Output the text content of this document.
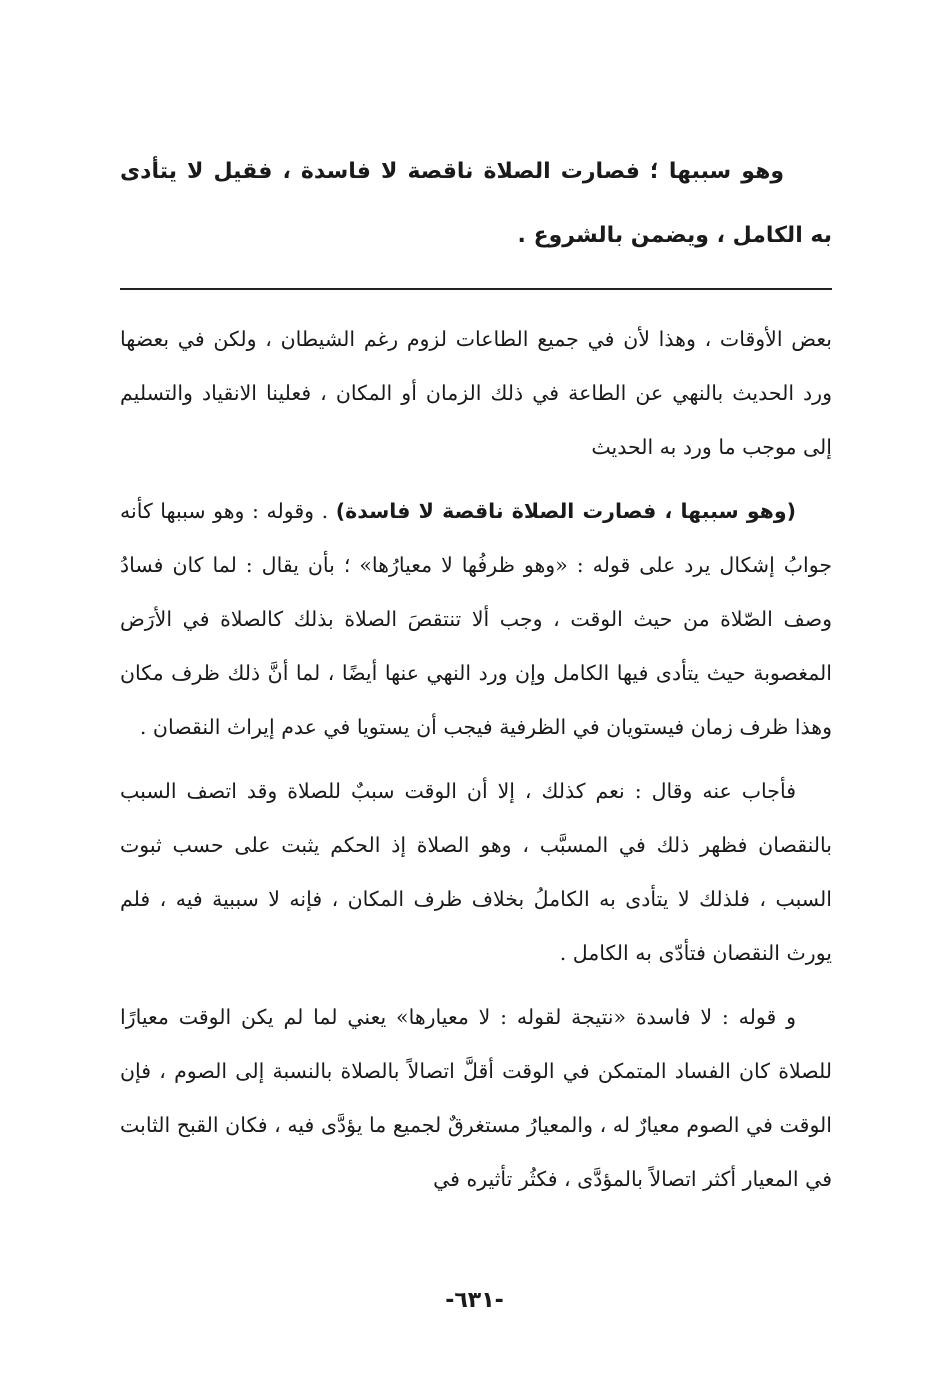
وهو سببها ؛ فصارت الصلاة ناقصة لا فاسدة ، فقيل لا يتأدى به الكامل ، ويضمن بالشروع .

بعض الأوقات ، وهذا لأن في جميع الطاعات لزوم رغم الشيطان ، ولكن في بعضها ورد الحديث بالنهي عن الطاعة في ذلك الزمان أو المكان ، فعلينا الانقياد والتسليم إلى موجب ما ورد به الحديث

(وهو سببها ، فصارت الصلاة ناقصة لا فاسدة) . وقوله : وهو سببها كأنه جوابُ إشكال يرد على قوله : «وهو ظرفُها لا معيارُها» ؛ بأن يقال : لما كان فسادُ وصف الصّلاة من حيث الوقت ، وجب ألا تنتقصَ الصلاة بذلك كالصلاة في الأرَض المغصوبة حيث يتأدى فيها الكامل وإن ورد النهي عنها أيضًا ، لما أنَّ ذلك ظرف مكان وهذا ظرف زمان فيستويان في الظرفية فيجب أن يستويا في عدم إيراث النقصان .

فأجاب عنه وقال : نعم كذلك ، إلا أن الوقت سببٌ للصلاة وقد اتصف السبب بالنقصان فظهر ذلك في المسبَّب ، وهو الصلاة إذ الحكم يثبت على حسب ثبوت السبب ، فلذلك لا يتأدى به الكاملُ بخلاف ظرف المكان ، فإنه لا سببية فيه ، فلم يورث النقصان فتأدّى به الكامل .

و قوله : لا فاسدة «نتيجة لقوله : لا معيارها» يعني لما لم يكن الوقت معيارًا للصلاة كان الفساد المتمكن في الوقت أقلَّ اتصالاً بالصلاة بالنسبة إلى الصوم ، فإن الوقت في الصوم معيارٌ له ، والمعيارُ مستغرقٌ لجميع ما يؤدَّى فيه ، فكان القبح الثابت في المعيار أكثر اتصالاً بالمؤدَّى ، فكثُر تأثيره في

-٦٣١-
